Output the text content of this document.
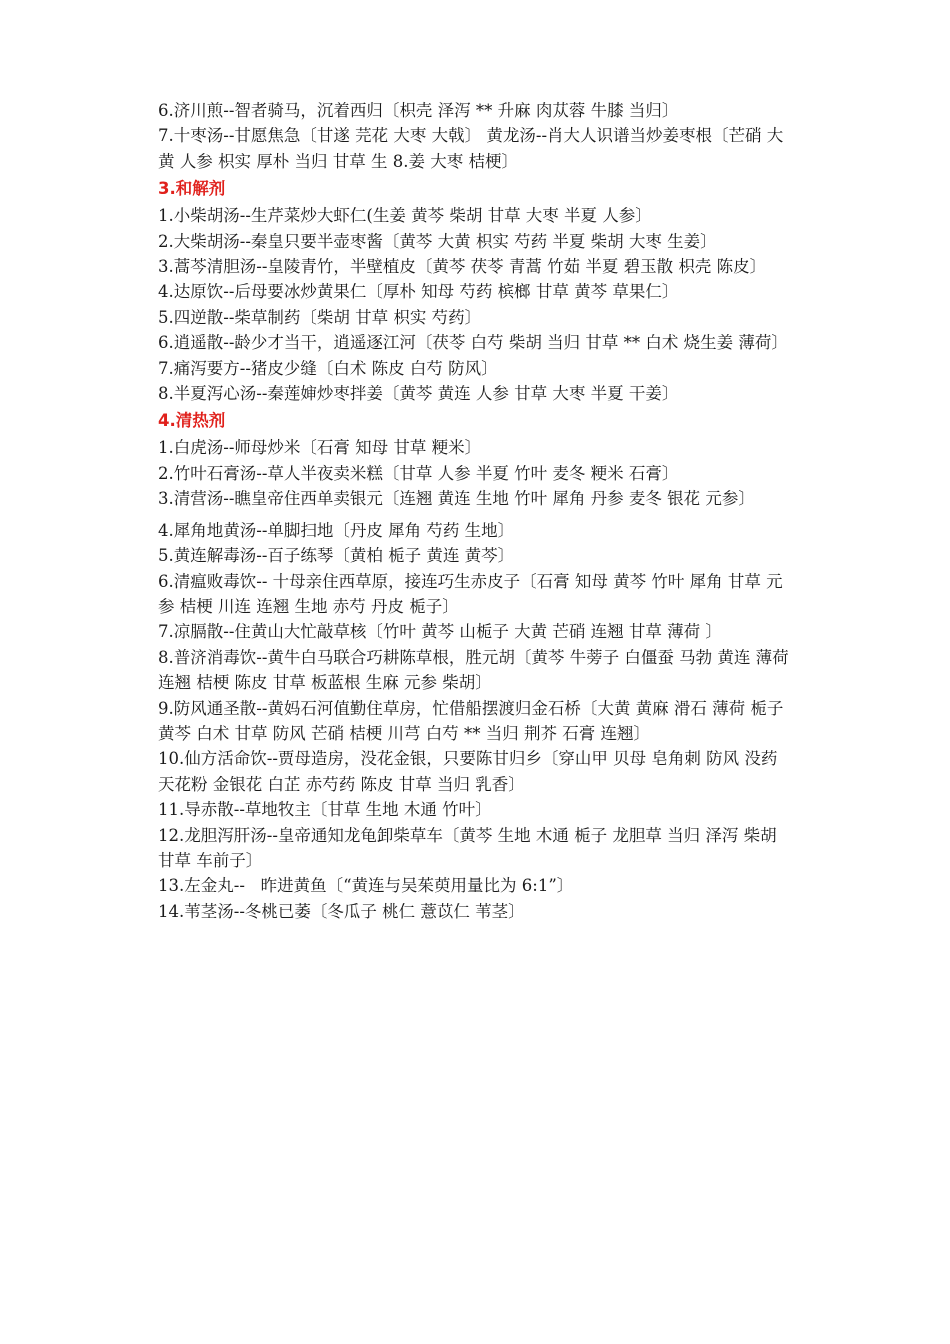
6.济川煎--智者骑马，沉着西归〔枳壳 泽泻 ** 升麻 肉苁蓉 牛膝 当归〕
7.十枣汤--甘愿焦急〔甘遂 芫花 大枣 大戟〕 黄龙汤--肖大人识谱当炒姜枣根〔芒硝 大黄 人参 枳实 厚朴 当归 甘草 生 8.姜 大枣 桔梗〕
3.和解剂
1.小柴胡汤--生芹菜炒大虾仁(生姜 黄芩 柴胡 甘草 大枣 半夏 人参〕
2.大柴胡汤--秦皇只要半壶枣酱〔黄芩 大黄 枳实 芍药 半夏 柴胡 大枣 生姜〕
3.蒿芩清胆汤--皇陵青竹，半壁植皮〔黄芩 茯苓 青蒿 竹茹 半夏 碧玉散 枳壳 陈皮〕
4.达原饮--后母要冰炒黄果仁〔厚朴 知母 芍药 槟榔 甘草 黄芩 草果仁〕
5.四逆散--柴草制药〔柴胡 甘草 枳实 芍药〕
6.逍遥散--龄少才当干，逍遥逐江河〔茯苓 白芍 柴胡 当归 甘草 ** 白术 烧生姜 薄荷〕
7.痛泻要方--猪皮少缝〔白术 陈皮 白芍 防风〕
8.半夏泻心汤--秦莲婶炒枣拌姜〔黄芩 黄连 人参 甘草 大枣 半夏 干姜〕
4.清热剂
1.白虎汤--师母炒米〔石膏 知母 甘草 粳米〕
2.竹叶石膏汤--草人半夜卖米糕〔甘草 人参 半夏 竹叶 麦冬 粳米 石膏〕
3.清营汤--瞧皇帝住西单卖银元〔连翘 黄连 生地 竹叶 犀角 丹参 麦冬 银花 元参〕
4.犀角地黄汤--单脚扫地〔丹皮 犀角 芍药 生地〕
5.黄连解毒汤--百子练琴〔黄柏 栀子 黄连 黄芩〕
6.清瘟败毒饮-- 十母亲住西草原，接连巧生赤皮子〔石膏 知母 黄芩 竹叶 犀角 甘草 元参 桔梗 川连 连翘 生地 赤芍 丹皮 栀子〕
7.凉膈散--住黄山大忙敲草核〔竹叶 黄芩 山栀子 大黄 芒硝 连翘 甘草 薄荷 〕
8.普济消毒饮--黄牛白马联合巧耕陈草根，胜元胡〔黄芩 牛蒡子 白僵蚕 马勃 黄连 薄荷 连翘 桔梗 陈皮 甘草 板蓝根 生麻 元参 柴胡〕
9.防风通圣散--黄妈石河值勤住草房，忙借船摆渡归金石桥〔大黄 黄麻 滑石 薄荷 栀子 黄芩 白术 甘草 防风 芒硝 桔梗 川芎 白芍 ** 当归 荆芥 石膏 连翘〕
10.仙方活命饮--贾母造房，没花金银，只要陈甘归乡〔穿山甲 贝母 皂角刺 防风 没药 天花粉 金银花 白芷 赤芍药 陈皮 甘草 当归 乳香〕
11.导赤散--草地牧主〔甘草 生地 木通 竹叶〕
12.龙胆泻肝汤--皇帝通知龙龟卸柴草车〔黄芩 生地 木通 栀子 龙胆草 当归 泽泻 柴胡 甘草 车前子〕
13.左金丸--   昨进黄鱼〔“黄连与吴茱萸用量比为 6:1”〕
14.苇茎汤--冬桃已萎〔冬瓜子 桃仁 薏苡仁 苇茎〕
